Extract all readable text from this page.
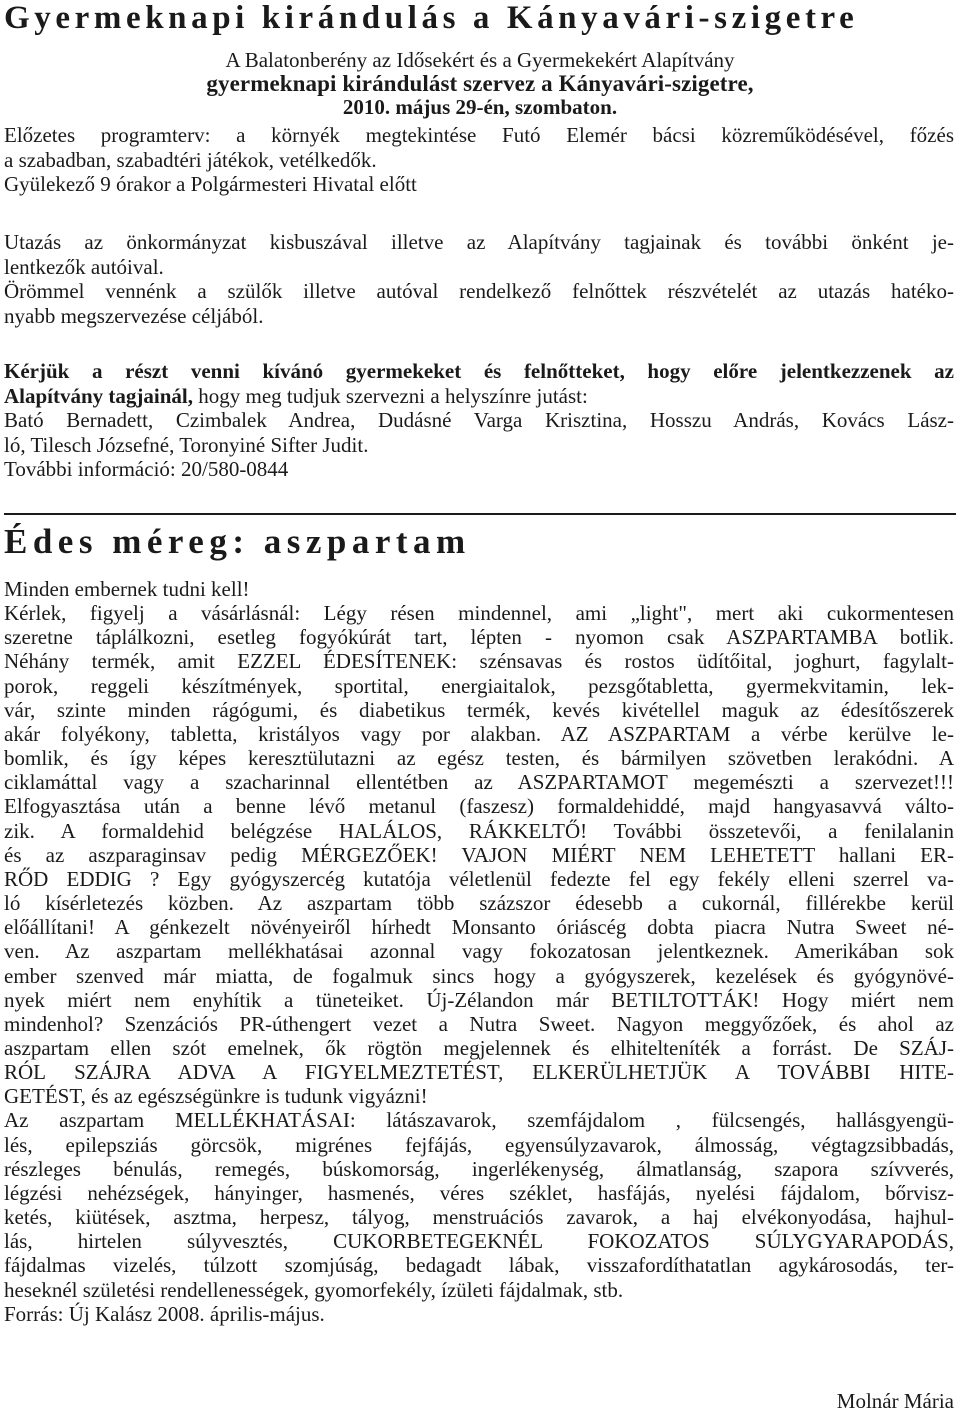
Gyermeknapi kirándulás a Kányavári-szigetre
A Balatonberény az Idősekért és a Gyermekekért Alapítvány
gyermeknapi kirándulást szervez a Kányavári-szigetre,
2010. május 29-én, szombaton.
Előzetes programterv: a környék megtekintése Futó Elemér bácsi közreműködésével, főzés
a szabadban, szabadtéri játékok, vetélkedők.
Gyülekező 9 órakor a Polgármesteri Hivatal előtt
Utazás az önkormányzat kisbuszával illetve az Alapítvány tagjainak és további önként je-
lentkezők autóival.
Örömmel vennénk a szülők illetve autóval rendelkező felnőttek részvételét az utazás hatéko-
nyabb megszervezése céljából.
Kérjük a részt venni kívánó gyermekeket és felnőtteket, hogy előre jelentkezzenek az
Alapítvány tagjainál, hogy meg tudjuk szervezni a helyszínre jutást:
Bató Bernadett, Czimbalek Andrea, Dudásné Varga Krisztina, Hosszu András, Kovács Lász-
ló, Tilesch Józsefné, Toronyiné Sifter Judit.
További információ: 20/580-0844
Édes méreg: aszpartam
Minden embernek tudni kell!
Kérlek, figyelj a vásárlásnál: Légy résen mindennel, ami „light", mert aki cukormentesen
szeretne táplálkozni, esetleg fogyókúrát tart, lépten - nyomon csak ASZPARTAMBA botlik.
Néhány termék, amit EZZEL ÉDESÍTENEK: szénsavas és rostos üdítőital, joghurt, fagylalt-
porok, reggeli készítmények, sportital, energiaitalok, pezsgőtabletta, gyermekvitamin, lek-
vár, szinte minden rágógumi, és diabetikus termék, kevés kivétellel maguk az édesítőszerek
akár folyékony, tabletta, kristályos vagy por alakban. AZ ASZPARTAM a vérbe kerülve le-
bomlik, és így képes keresztülutazni az egész testen, és bármilyen szövetben lerakódni. A
ciklamáttal vagy a szacharinnal ellentétben az ASZPARTAMOT megemészti a szervezet!!!
Elfogyasztása után a benne lévő metanul (faszesz) formaldehiddé, majd hangyasavvá válto-
zik. A formaldehid belégzése HALÁLOS, RÁKKELTŐ! További összetevői, a fenilalanin
és az aszparaginsav pedig MÉRGEZŐEK! VAJON MIÉRT NEM LEHETETT hallani ER-
RŐD EDDIG ? Egy gyógyszercég kutatója véletlenül fedezte fel egy fekély elleni szerrel va-
ló kísérletezés közben. Az aszpartam több százszor édesebb a cukornál, fillérekbe kerül
előállítani! A génkezelt növényeiről hírhedt Monsanto óriáscég dobta piacra Nutra Sweet né-
ven. Az aszpartam mellékhatásai azonnal vagy fokozatosan jelentkeznek. Amerikában sok
ember szenved már miatta, de fogalmuk sincs hogy a gyógyszerek, kezelések és gyógynövé-
nyek miért nem enyhítik a tüneteiket. Új-Zélandon már BETILTOTTÁK! Hogy miért nem
mindenhol? Szenzációs PR-úthengert vezet a Nutra Sweet. Nagyon meggyőzőek, és ahol az
aszpartam ellen szót emelnek, ők rögtön megjelennek és elhitelteníték a forrást. De SZÁJ-
RÓL SZÁJRA ADVA A FIGYELMEZTETÉST, ELKERÜLHETJÜK A TOVÁBBI HITE-
GETÉST, és az egészségünkre is tudunk vigyázni!
Az aszpartam MELLÉKHATÁSAI: látászavarok, szemfájdalom , fülcsengés, hallásgyengü-
lés, epilepsziás görcsök, migrénes fejfájás, egyensúlyzavarok, álmosság, végtagzsibbadás,
részleges bénulás, remegés, búskomorság, ingerlékenység, álmatlanság, szapora szívverés,
légzési nehézségek, hányinger, hasmenés, véres széklet, hasfájás, nyelési fájdalom, bőrvisz-
ketés, kiütések, asztma, herpesz, tályog, menstruációs zavarok, a haj elvékonyodása, hajhul-
lás, hirtelen súlyvesztés, CUKORBETEGEKNÉL FOKOZATOS SÚLYGYARAPODÁS,
fájdalmas vizelés, túlzott szomjúság, bedagadt lábak, visszafordíthatatlan agykárosodás, ter-
heseknél születési rendellenességek, gyomorfekély, ízületi fájdalmak, stb.
Forrás: Új Kalász 2008. április-május.
Molnár Mária
